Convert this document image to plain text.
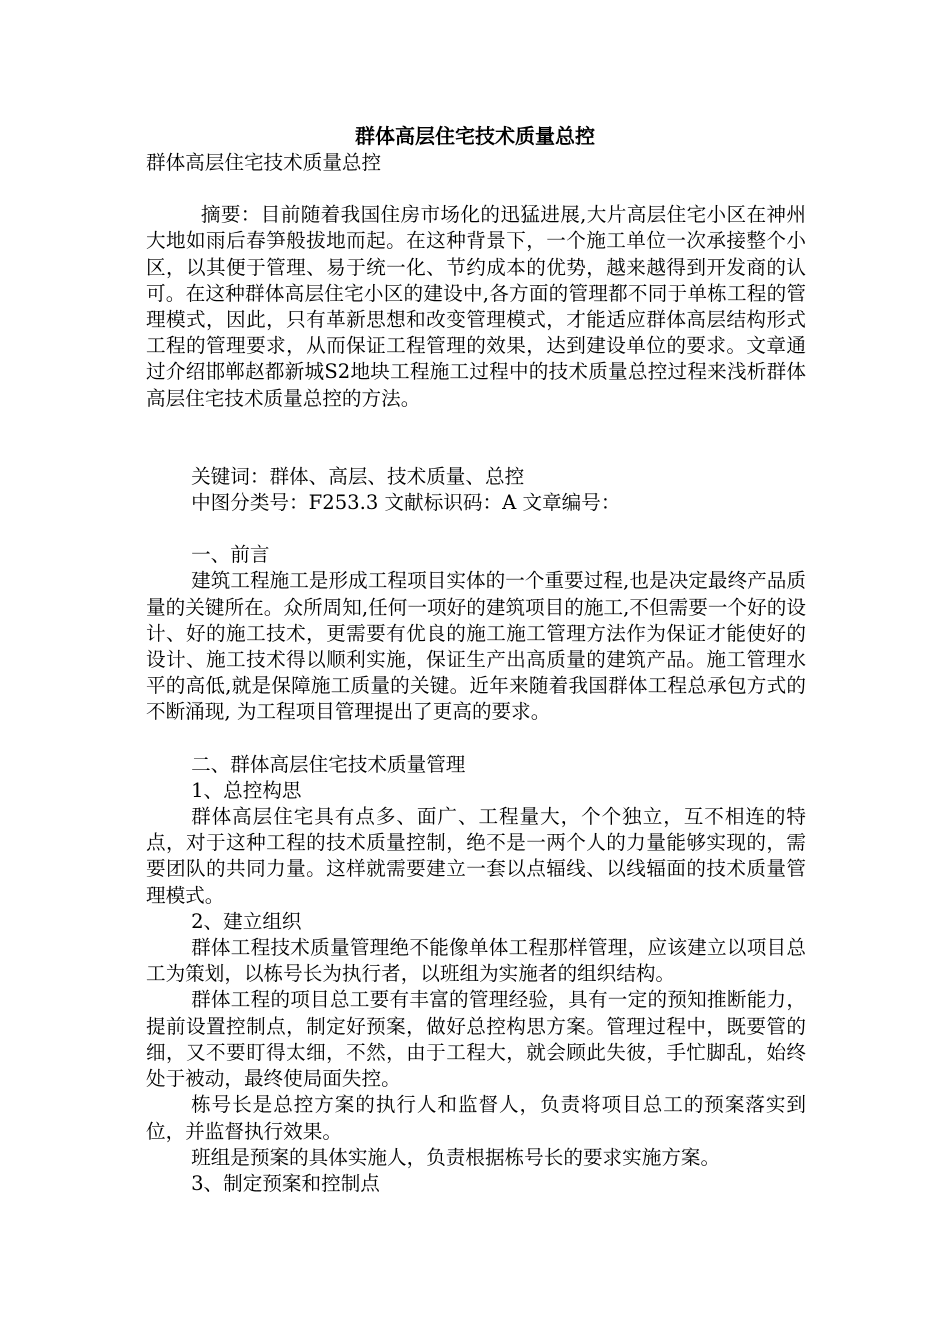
群体高层住宅技术质量总控

群体高层住宅技术质量总控

摘要：目前随着我国住房市场化的迅猛进展,大片高层住宅小区在神州大地如雨后春笋般拔地而起。在这种背景下，一个施工单位一次承接整个小区，以其便于管理、易于统一化、节约成本的优势，越来越得到开发商的认可。在这种群体高层住宅小区的建设中,各方面的管理都不同于单栋工程的管理模式，因此，只有革新思想和改变管理模式，才能适应群体高层结构形式工程的管理要求，从而保证工程管理的效果，达到建设单位的要求。文章通过介绍邯郸赵都新城S2地块工程施工过程中的技术质量总控过程来浅析群体高层住宅技术质量总控的方法。

关键词：群体、高层、技术质量、总控

中图分类号：F253.3 文献标识码：A 文章编号：

一、前言

建筑工程施工是形成工程项目实体的一个重要过程,也是决定最终产品质量的关键所在。众所周知,任何一项好的建筑项目的施工,不但需要一个好的设计、好的施工技术，更需要有优良的施工施工管理方法作为保证才能使好的设计、施工技术得以顺利实施，保证生产出高质量的建筑产品。施工管理水平的高低,就是保障施工质量的关键。近年来随着我国群体工程总承包方式的不断涌现, 为工程项目管理提出了更高的要求。

二、群体高层住宅技术质量管理

1、总控构思

群体高层住宅具有点多、面广、工程量大，个个独立，互不相连的特点，对于这种工程的技术质量控制，绝不是一两个人的力量能够实现的，需要团队的共同力量。这样就需要建立一套以点辐线、以线辐面的技术质量管理模式。

2、建立组织

群体工程技术质量管理绝不能像单体工程那样管理，应该建立以项目总工为策划，以栋号长为执行者，以班组为实施者的组织结构。

群体工程的项目总工要有丰富的管理经验，具有一定的预知推断能力，提前设置控制点，制定好预案，做好总控构思方案。管理过程中，既要管的细，又不要盯得太细，不然，由于工程大，就会顾此失彼，手忙脚乱，始终处于被动，最终使局面失控。

栋号长是总控方案的执行人和监督人，负责将项目总工的预案落实到位，并监督执行效果。

班组是预案的具体实施人，负责根据栋号长的要求实施方案。

3、制定预案和控制点
